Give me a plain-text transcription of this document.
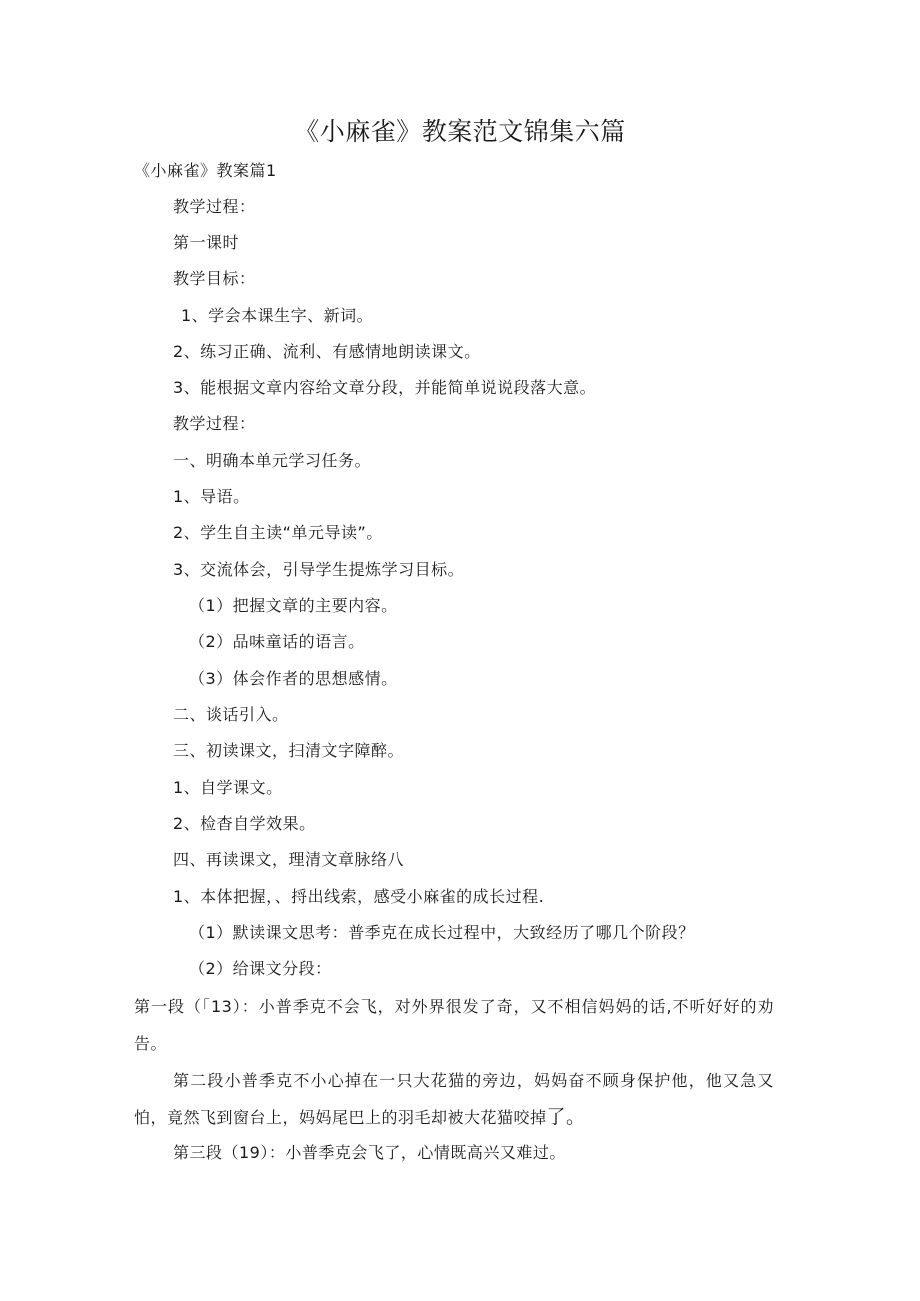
《小麻雀》教案范文锦集六篇

《小麻雀》教案篇1

教学过程：

第一课时

教学目标：

1、学会本课生字、新词。

2、练习正确、流利、有感情地朗读课文。

3、能根据文章内容给文章分段，并能简单说说段落大意。

教学过程：

一、明确本单元学习任务。

1、导语。

2、学生自主读“单元导读”。

3、交流体会，引导学生提炼学习目标。

（1）把握文章的主要内容。

（2）品味童话的语言。

（3）体会作者的思想感情。

二、谈话引入。

三、初读课文，扫清文字障醉。

1、自学课文。

2、检杳自学效果。

四、再读课文，理清文章脉络八

1、本体把握，、捋出线索，感受小麻雀的成长过程.

（1）默读课文思考：普季克在成长过程中，大致经历了哪几个阶段？

（2）给课文分段：

第一段（「13）：小普季克不会飞，对外界很发了奇，又不相信妈妈的话,不听好好的劝告。

第二段小普季克不小心掉在一只大花猫的旁边，妈妈奋不顾身保护他，他又急又怕，竟然飞到窗台上，妈妈尾巴上的羽毛却被大花猫咬掉了。

第三段（19）：小普季克会飞了，心情既高兴又难过。
